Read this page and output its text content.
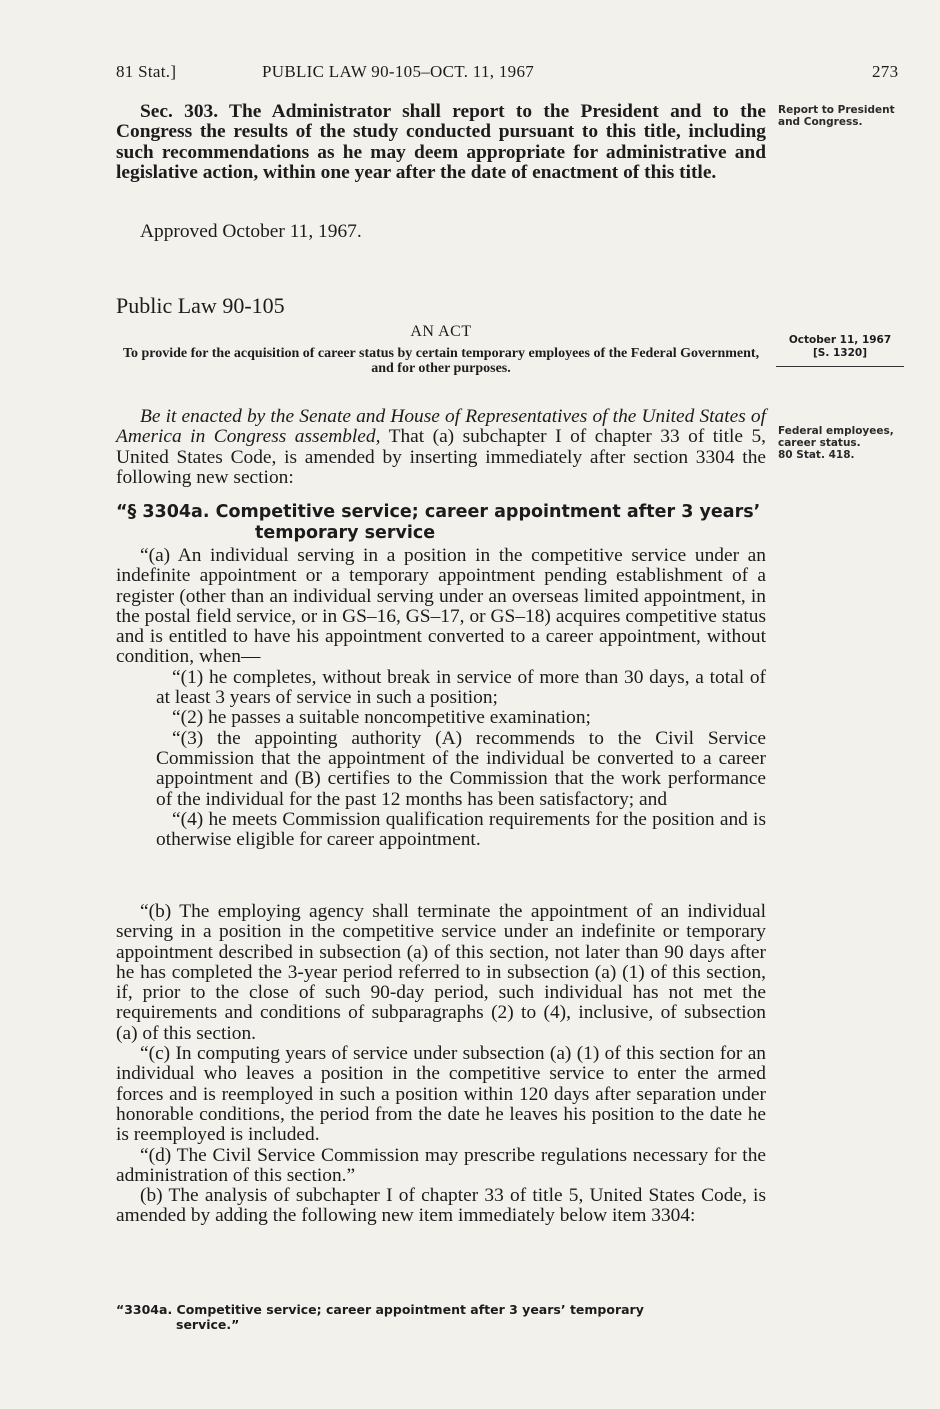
81 Stat.]	PUBLIC LAW 90-105–OCT. 11, 1967	273

Sec. 303. The Administrator shall report to the President and to the Congress the results of the study conducted pursuant to this title, including such recommendations as he may deem appropriate for administrative and legislative action, within one year after the date of enactment of this title.

Report to President and Congress.

Approved October 11, 1967.

Public Law 90-105
AN ACT
To provide for the acquisition of career status by certain temporary employees of the Federal Government, and for other purposes.
October 11, 1967
[S. 1320]

Be it enacted by the Senate and House of Representatives of the United States of America in Congress assembled, That (a) subchapter I of chapter 33 of title 5, United States Code, is amended by inserting immediately after section 3304 the following new section:

Federal employees, career status.
80 Stat. 418.
“§ 3304a. Competitive service; career appointment after 3 years’
temporary service

“(a) An individual serving in a position in the competitive service under an indefinite appointment or a temporary appointment pending establishment of a register (other than an individual serving under an overseas limited appointment, in the postal field service, or in GS–16, GS–17, or GS–18) acquires competitive status and is entitled to have his appointment converted to a career appointment, without condition, when—

“(1) he completes, without break in service of more than 30 days, a total of at least 3 years of service in such a position;

“(2) he passes a suitable noncompetitive examination;

“(3) the appointing authority (A) recommends to the Civil Service Commission that the appointment of the individual be converted to a career appointment and (B) certifies to the Commission that the work performance of the individual for the past 12 months has been satisfactory; and

“(4) he meets Commission qualification requirements for the position and is otherwise eligible for career appointment.

“(b) The employing agency shall terminate the appointment of an individual serving in a position in the competitive service under an indefinite or temporary appointment described in subsection (a) of this section, not later than 90 days after he has completed the 3-year period referred to in subsection (a) (1) of this section, if, prior to the close of such 90-day period, such individual has not met the requirements and conditions of subparagraphs (2) to (4), inclusive, of subsection (a) of this section.

“(c) In computing years of service under subsection (a) (1) of this section for an individual who leaves a position in the competitive service to enter the armed forces and is reemployed in such a position within 120 days after separation under honorable conditions, the period from the date he leaves his position to the date he is reemployed is included.

“(d) The Civil Service Commission may prescribe regulations necessary for the administration of this section.”

(b) The analysis of subchapter I of chapter 33 of title 5, United States Code, is amended by adding the following new item immediately below item 3304:

“3304a. Competitive service; career appointment after 3 years’ temporary
service.”
